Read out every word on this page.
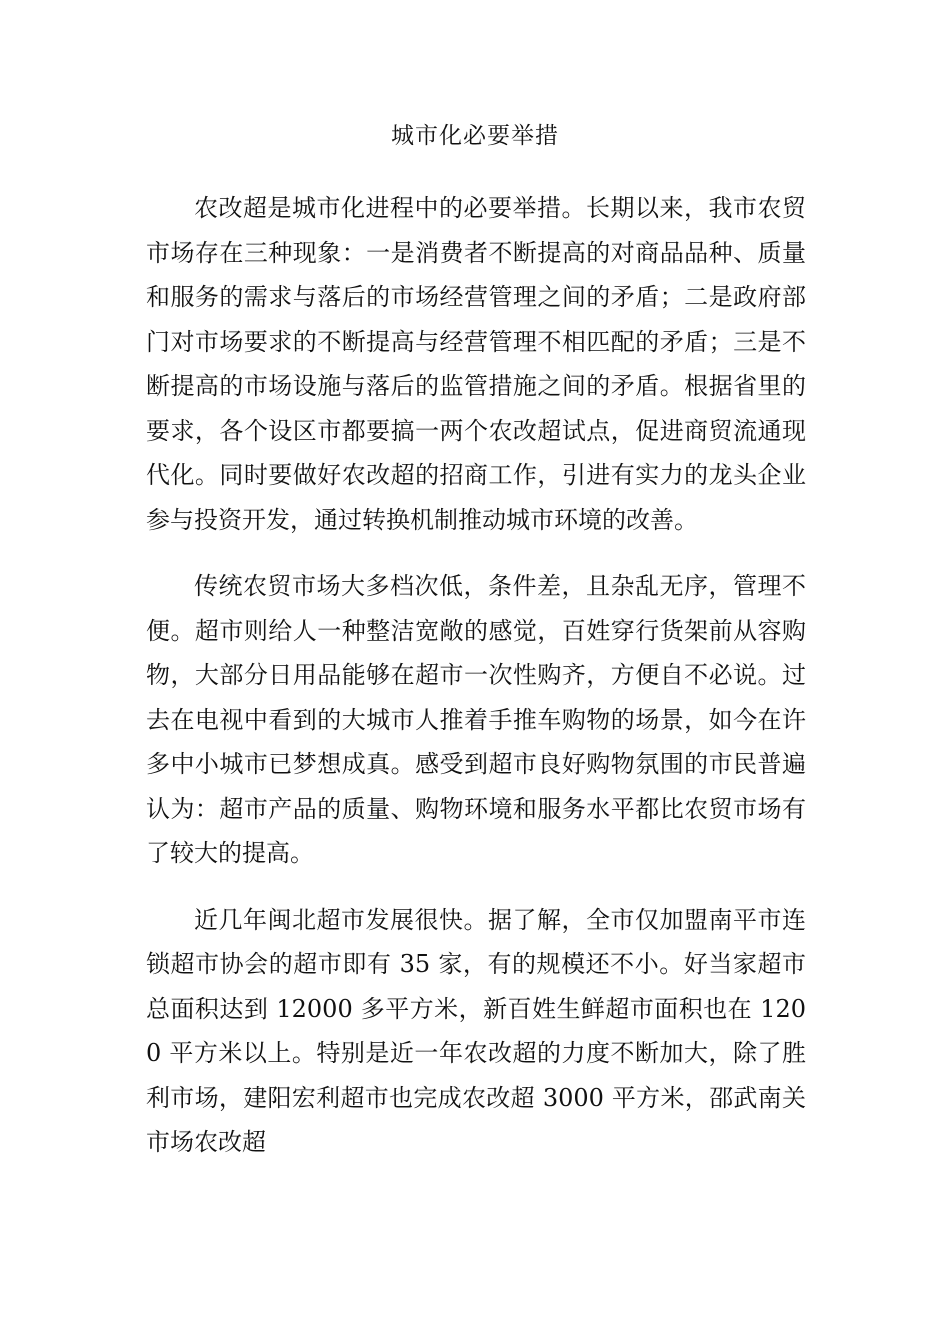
城市化必要举措

农改超是城市化进程中的必要举措。长期以来，我市农贸市场存在三种现象：一是消费者不断提高的对商品品种、质量和服务的需求与落后的市场经营管理之间的矛盾；二是政府部门对市场要求的不断提高与经营管理不相匹配的矛盾；三是不断提高的市场设施与落后的监管措施之间的矛盾。根据省里的要求，各个设区市都要搞一两个农改超试点，促进商贸流通现代化。同时要做好农改超的招商工作，引进有实力的龙头企业参与投资开发，通过转换机制推动城市环境的改善。

传统农贸市场大多档次低，条件差，且杂乱无序，管理不便。超市则给人一种整洁宽敞的感觉，百姓穿行货架前从容购物，大部分日用品能够在超市一次性购齐，方便自不必说。过去在电视中看到的大城市人推着手推车购物的场景，如今在许多中小城市已梦想成真。感受到超市良好购物氛围的市民普遍认为：超市产品的质量、购物环境和服务水平都比农贸市场有了较大的提高。

近几年闽北超市发展很快。据了解，全市仅加盟南平市连锁超市协会的超市即有 35 家，有的规模还不小。好当家超市总面积达到 12000 多平方米，新百姓生鲜超市面积也在 1200 平方米以上。特别是近一年农改超的力度不断加大，除了胜利市场，建阳宏利超市也完成农改超 3000 平方米，邵武南关市场农改超
